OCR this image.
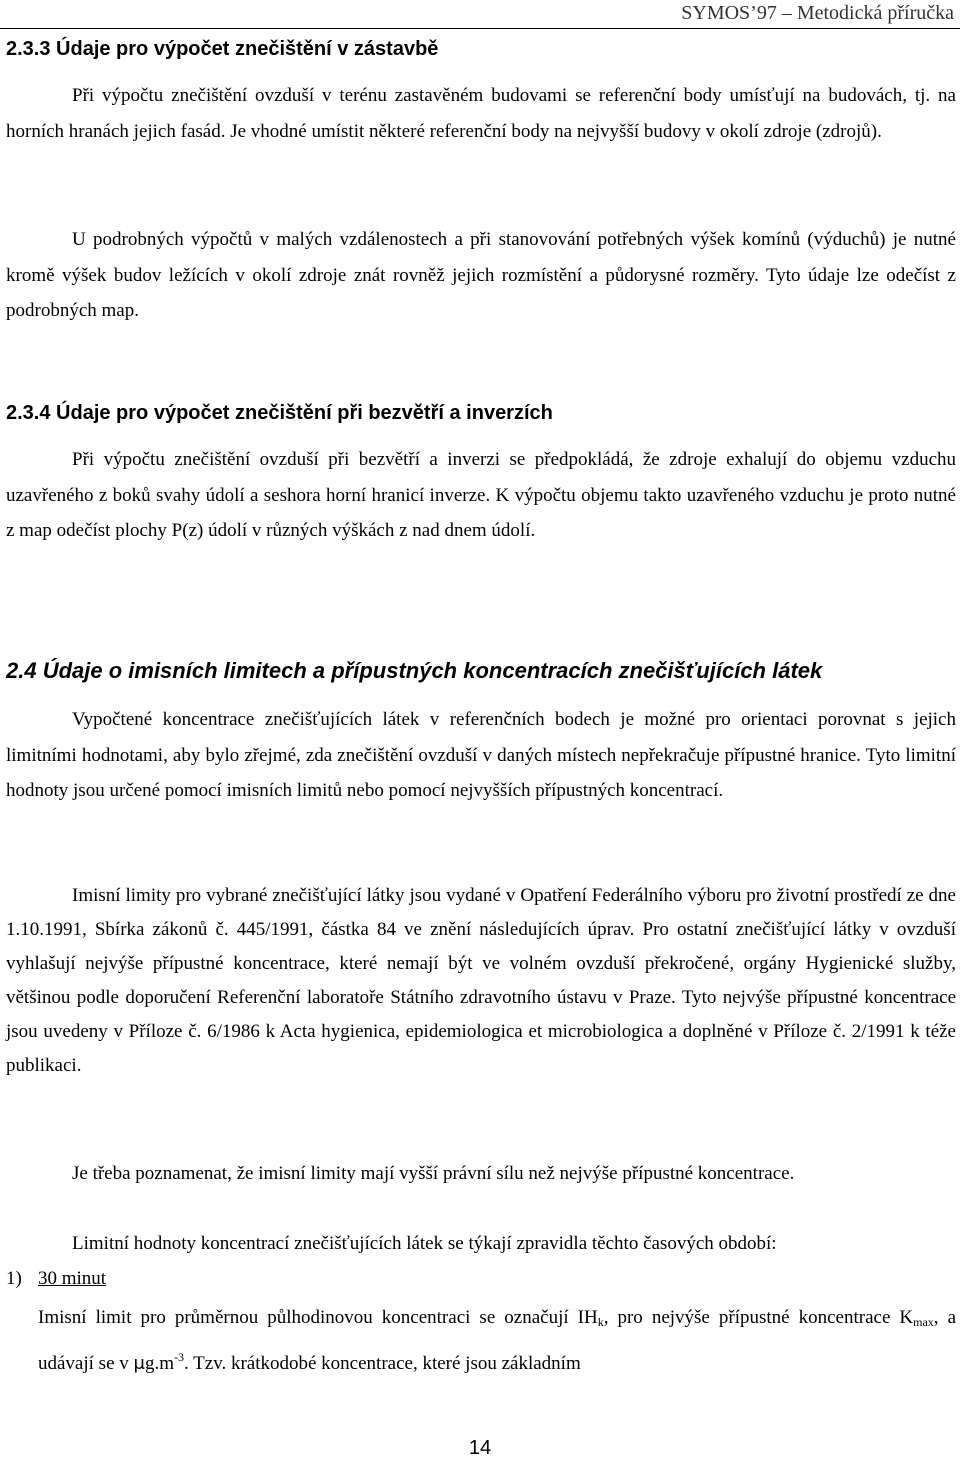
SYMOS’97 – Metodická příručka
2.3.3 Údaje pro výpočet znečištění v zástavbě

Při výpočtu znečištění ovzduší v terénu zastavěném budovami se referenční body umísťují na budovách, tj. na horních hranách jejich fasád. Je vhodné umístit některé referenční body na nejvyšší budovy v okolí zdroje (zdrojů).

U podrobných výpočtů v malých vzdálenostech a při stanovování potřebných výšek komínů (výduchů) je nutné kromě výšek budov ležících v okolí zdroje znát rovněž jejich rozmístění a půdorysné rozměry. Tyto údaje lze odečíst z podrobných map.

2.3.4 Údaje pro výpočet znečištění při bezvětří a inverzích

Při výpočtu znečištění ovzduší při bezvětří a inverzi se předpokládá, že zdroje exhalují do objemu vzduchu uzavřeného z boků svahy údolí a seshora horní hranicí inverze. K výpočtu objemu takto uzavřeného vzduchu je proto nutné z map odečíst plochy P(z) údolí v různých výškách z nad dnem údolí.

2.4 Údaje o imisních limitech a přípustných koncentracích znečišťujících látek

Vypočtené koncentrace znečišťujících látek v referenčních bodech je možné pro orientaci porovnat s jejich limitními hodnotami, aby bylo zřejmé, zda znečištění ovzduší v daných místech nepřekračuje přípustné hranice. Tyto limitní hodnoty jsou určené pomocí imisních limitů nebo pomocí nejvyšších přípustných koncentrací.

Imisní limity pro vybrané znečišťující látky jsou vydané v Opatření Federálního výboru pro životní prostředí ze dne 1.10.1991, Sbírka zákonů č. 445/1991, částka 84 ve znění následujících úprav. Pro ostatní znečišťující látky v ovzduší vyhlašují nejvýše přípustné koncentrace, které nemají být ve volném ovzduší překročené, orgány Hygienické služby, většinou podle doporučení Referenční laboratoře Státního zdravotního ústavu v Praze. Tyto nejvýše přípustné koncentrace jsou uvedeny v Příloze č. 6/1986 k Acta hygienica, epidemiologica et microbiologica a doplněné v Příloze č. 2/1991 k téže publikaci.

Je třeba poznamenat, že imisní limity mají vyšší právní sílu než nejvýše přípustné koncentrace.
Limitní hodnoty koncentrací znečišťujících látek se týkají zpravidla těchto časových období:
1) 30 minut

Imisní limit pro průměrnou půlhodinovou koncentraci se označují $IH_k$, pro nejvýše přípustné koncentrace $K_{max}$, a udávají se v $\mu g.m^{-3}$. Tzv. krátkodobé koncentrace, které jsou základním

14
